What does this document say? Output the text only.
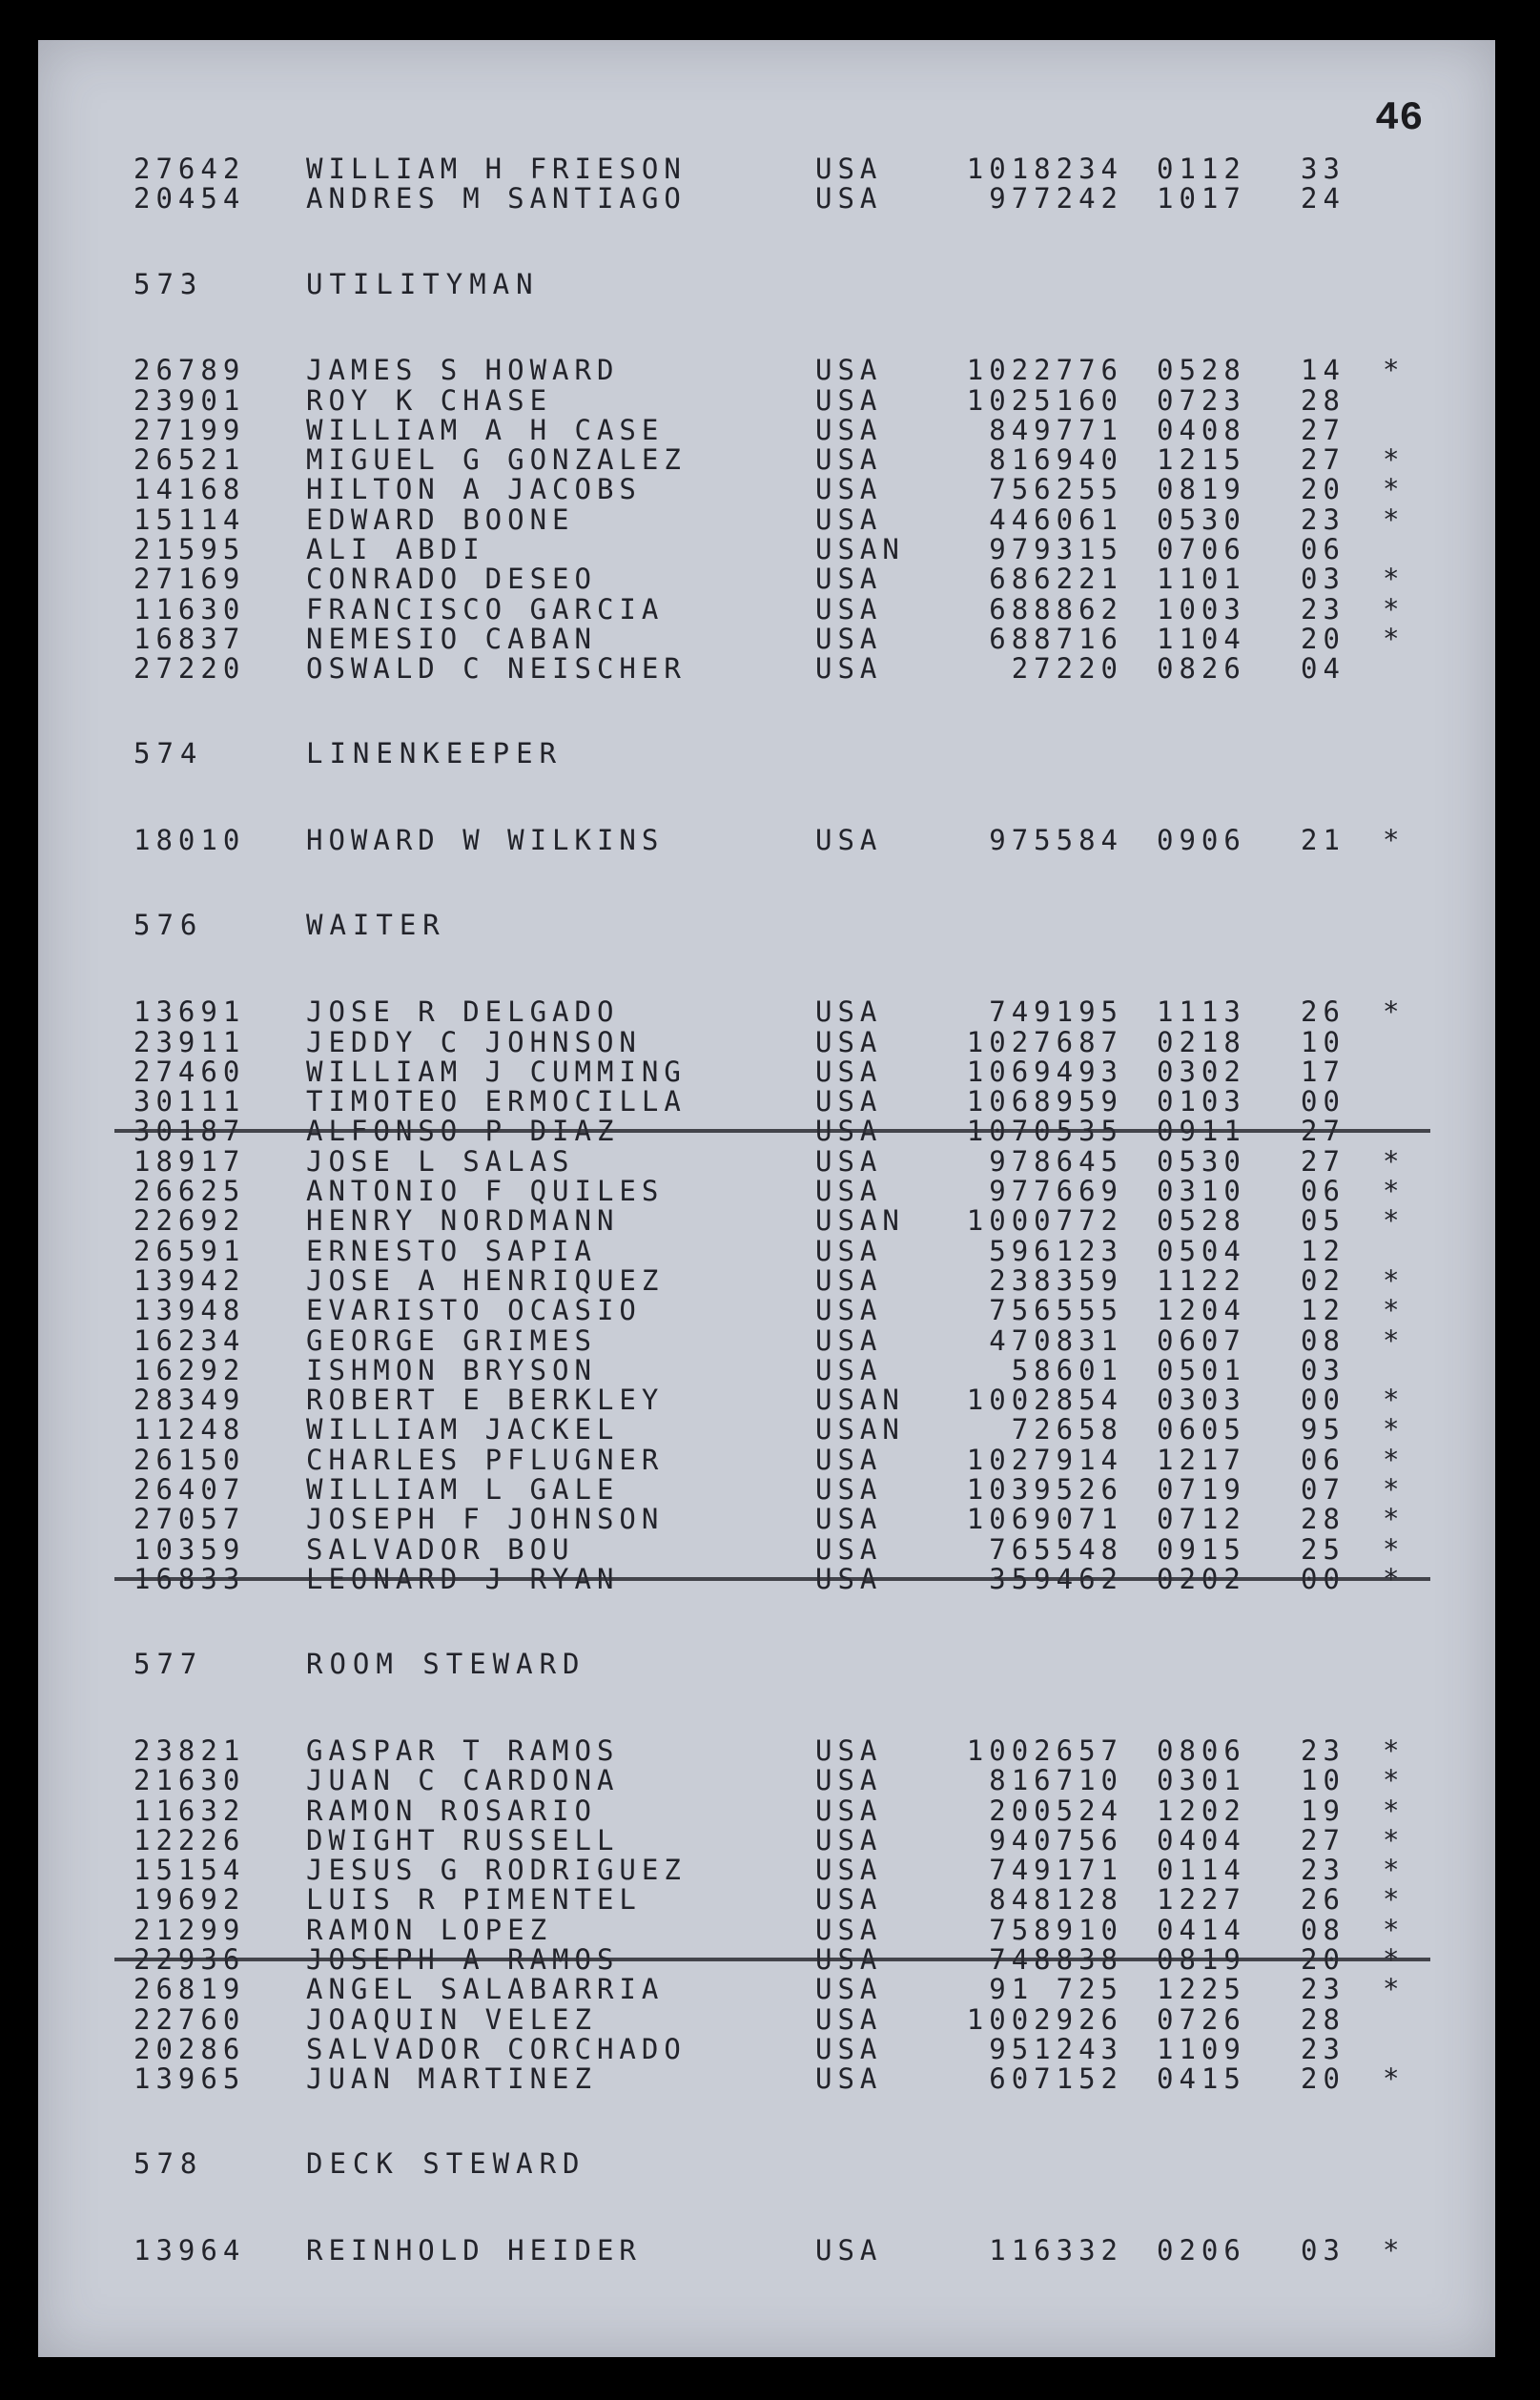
46
27642 WILLIAM H FRIESON	USA	1018234 0112 33
20454 ANDRES M SANTIAGO	USA	977242 1017 24
573	UTILITYMAN
26789 JAMES S HOWARD	USA	1022776 0528 14 *
23901 ROY K CHASE	USA	1025160 0723 28
27199 WILLIAM A H CASE	USA	849771 0408 27
26521 MIGUEL G GONZALEZ	USA	816940 1215 27 *
14168 HILTON A JACOBS	USA	756255 0819 20 *
15114 EDWARD BOONE	USA	446061 0530 23 *
21595 ALI ABDI	USAN	979315 0706 06
27169 CONRADO DESEO	USA	686221 1101 03 *
11630 FRANCISCO GARCIA	USA	688862 1003 23 *
16837 NEMESIO CABAN	USA	688716 1104 20 *
27220 OSWALD C NEISCHER	USA	27220 0826 04
574	LINENKEEPER
18010 HOWARD W WILKINS	USA	975584 0906 21 *
576	WAITER
13691 JOSE R DELGADO	USA	749195 1113 26 *
23911 JEDDY C JOHNSON	USA	1027687 0218 10
27460 WILLIAM J CUMMING	USA	1069493 0302 17
30111 TIMOTEO ERMOCILLA	USA	1068959 0103 00
30187 ALFONSO P DIAZ	USA	1070535 0911 27
18917 JOSE L SALAS	USA	978645 0530 27 *
26625 ANTONIO F QUILES	USA	977669 0310 06 *
22692 HENRY NORDMANN	USAN	1000772 0528 05 *
26591 ERNESTO SAPIA	USA	596123 0504 12
13942 JOSE A HENRIQUEZ	USA	238359 1122 02 *
13948 EVARISTO OCASIO	USA	756555 1204 12 *
16234 GEORGE GRIMES	USA	470831 0607 08 *
16292 ISHMON BRYSON	USA	58601 0501 03
28349 ROBERT E BERKLEY	USAN	1002854 0303 00 *
11248 WILLIAM JACKEL	USAN	72658 0605 95 *
26150 CHARLES PFLUGNER	USA	1027914 1217 06 *
26407 WILLIAM L GALE	USA	1039526 0719 07 *
27057 JOSEPH F JOHNSON	USA	1069071 0712 28 *
10359 SALVADOR BOU	USA	765548 0915 25 *
16833 LEONARD J RYAN	USA	359462 0202 00 *
577	ROOM STEWARD
23821 GASPAR T RAMOS	USA	1002657 0806 23 *
21630 JUAN C CARDONA	USA	816710 0301 10 *
11632 RAMON ROSARIO	USA	200524 1202 19 *
12226 DWIGHT RUSSELL	USA	940756 0404 27 *
15154 JESUS G RODRIGUEZ	USA	749171 0114 23 *
19692 LUIS R PIMENTEL	USA	848128 1227 26 *
21299 RAMON LOPEZ	USA	758910 0414 08 *
22936 JOSEPH A RAMOS	USA	748838 0819 20 *
26819 ANGEL SALABARRIA	USA	91 725 1225 23 *
22760 JOAQUIN VELEZ	USA	1002926 0726 28
20286 SALVADOR CORCHADO	USA	951243 1109 23
13965 JUAN MARTINEZ	USA	607152 0415 20 *
578	DECK STEWARD
13964 REINHOLD HEIDER	USA	116332 0206 03 *
